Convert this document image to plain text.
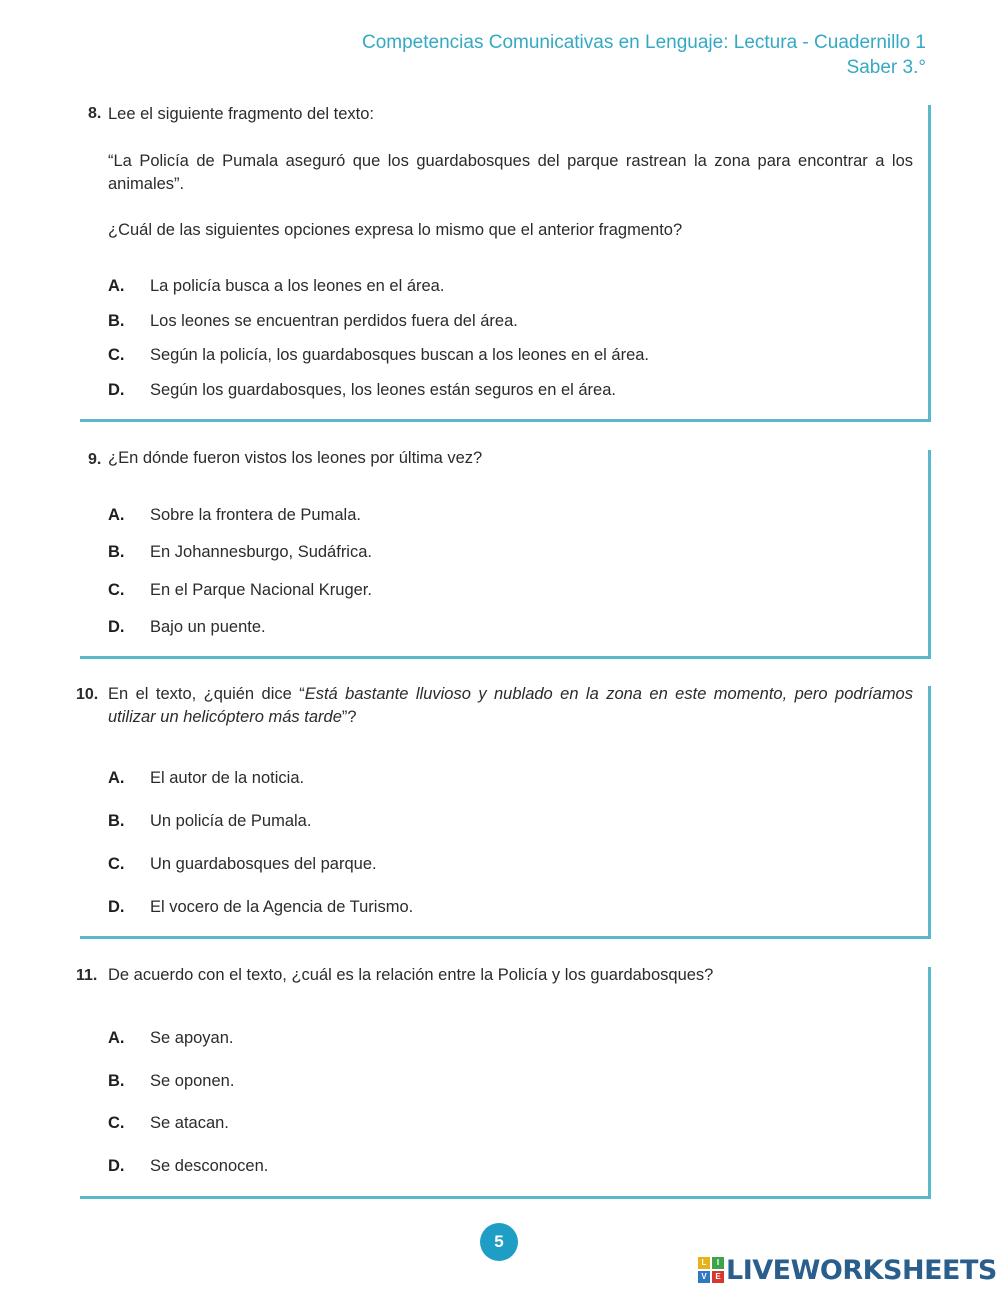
Competencias Comunicativas en Lenguaje: Lectura - Cuadernillo 1
Saber 3.°
8. Lee el siguiente fragmento del texto:
“La Policía de Pumala aseguró que los guardabosques del parque rastrean la zona para encontrar a los animales”.
¿Cuál de las siguientes opciones expresa lo mismo que el anterior fragmento?
A. La policía busca a los leones en el área.
B. Los leones se encuentran perdidos fuera del área.
C. Según la policía, los guardabosques buscan a los leones en el área.
D. Según los guardabosques, los leones están seguros en el área.
9. ¿En dónde fueron vistos los leones por última vez?
A. Sobre la frontera de Pumala.
B. En Johannesburgo, Sudáfrica.
C. En el Parque Nacional Kruger.
D. Bajo un puente.
10. En el texto, ¿quién dice “Está bastante lluvioso y nublado en la zona en este momento, pero podríamos utilizar un helicóptero más tarde”?
A. El autor de la noticia.
B. Un policía de Pumala.
C. Un guardabosques del parque.
D. El vocero de la Agencia de Turismo.
11. De acuerdo con el texto, ¿cuál es la relación entre la Policía y los guardabosques?
A. Se apoyan.
B. Se oponen.
C. Se atacan.
D. Se desconocen.
5
L	I
V	E LIVEWORKSHEETS
